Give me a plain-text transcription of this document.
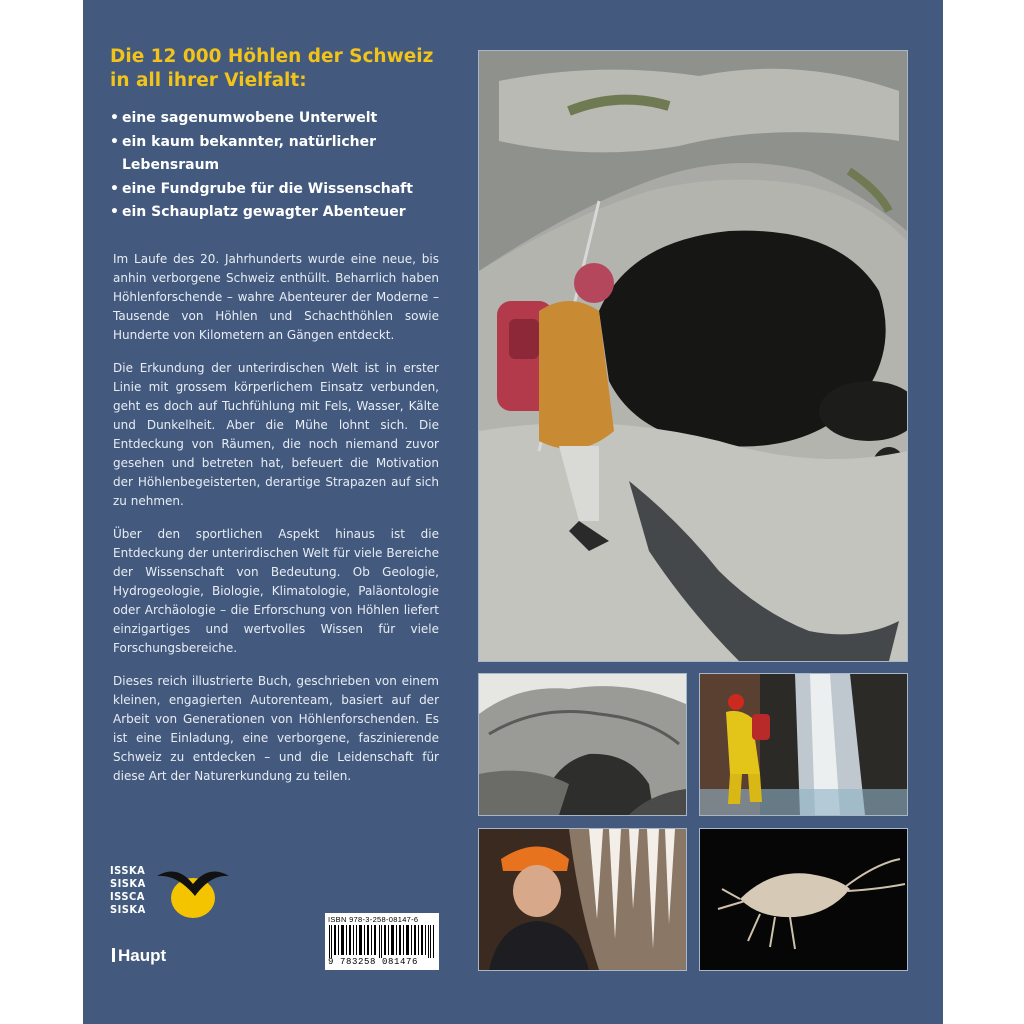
Die 12 000 Höhlen der Schweiz
in all ihrer Vielfalt:
• eine sagenumwobene Unterwelt
• ein kaum bekannter, natürlicher Lebensraum
• eine Fundgrube für die Wissenschaft
• ein Schauplatz gewagter Abenteuer

Im Laufe des 20. Jahrhunderts wurde eine neue, bis anhin verborgene Schweiz enthüllt. Beharrlich haben Höhlenforschende – wahre Abenteurer der Moderne – Tausende von Höhlen und Schachthöhlen sowie Hunderte von Kilometern an Gängen entdeckt.

Die Erkundung der unterirdischen Welt ist in erster Linie mit grossem körperlichem Einsatz verbunden, geht es doch auf Tuchfühlung mit Fels, Wasser, Kälte und Dunkelheit. Aber die Mühe lohnt sich. Die Entdeckung von Räumen, die noch niemand zuvor gesehen und betreten hat, befeuert die Motivation der Höhlenbegeisterten, derartige Strapazen auf sich zu nehmen.

Über den sportlichen Aspekt hinaus ist die Entdeckung der unterirdischen Welt für viele Bereiche der Wissenschaft von Bedeutung. Ob Geologie, Hydrogeologie, Biologie, Klimatologie, Paläontologie oder Archäologie – die Erforschung von Höhlen liefert einzigartiges und wertvolles Wissen für viele Forschungsbereiche.

Dieses reich illustrierte Buch, geschrieben von einem kleinen, engagierten Autorenteam, basiert auf der Arbeit von Generationen von Höhlenforschenden. Es ist eine Einladung, eine verborgene, faszinierende Schweiz zu entdecken – und die Leidenschaft für diese Art der Naturerkundung zu teilen.

ISSKA
SISKA
ISSCA
SISKA
Haupt
ISBN 978-3-258-08147-6
9 783258 081476
